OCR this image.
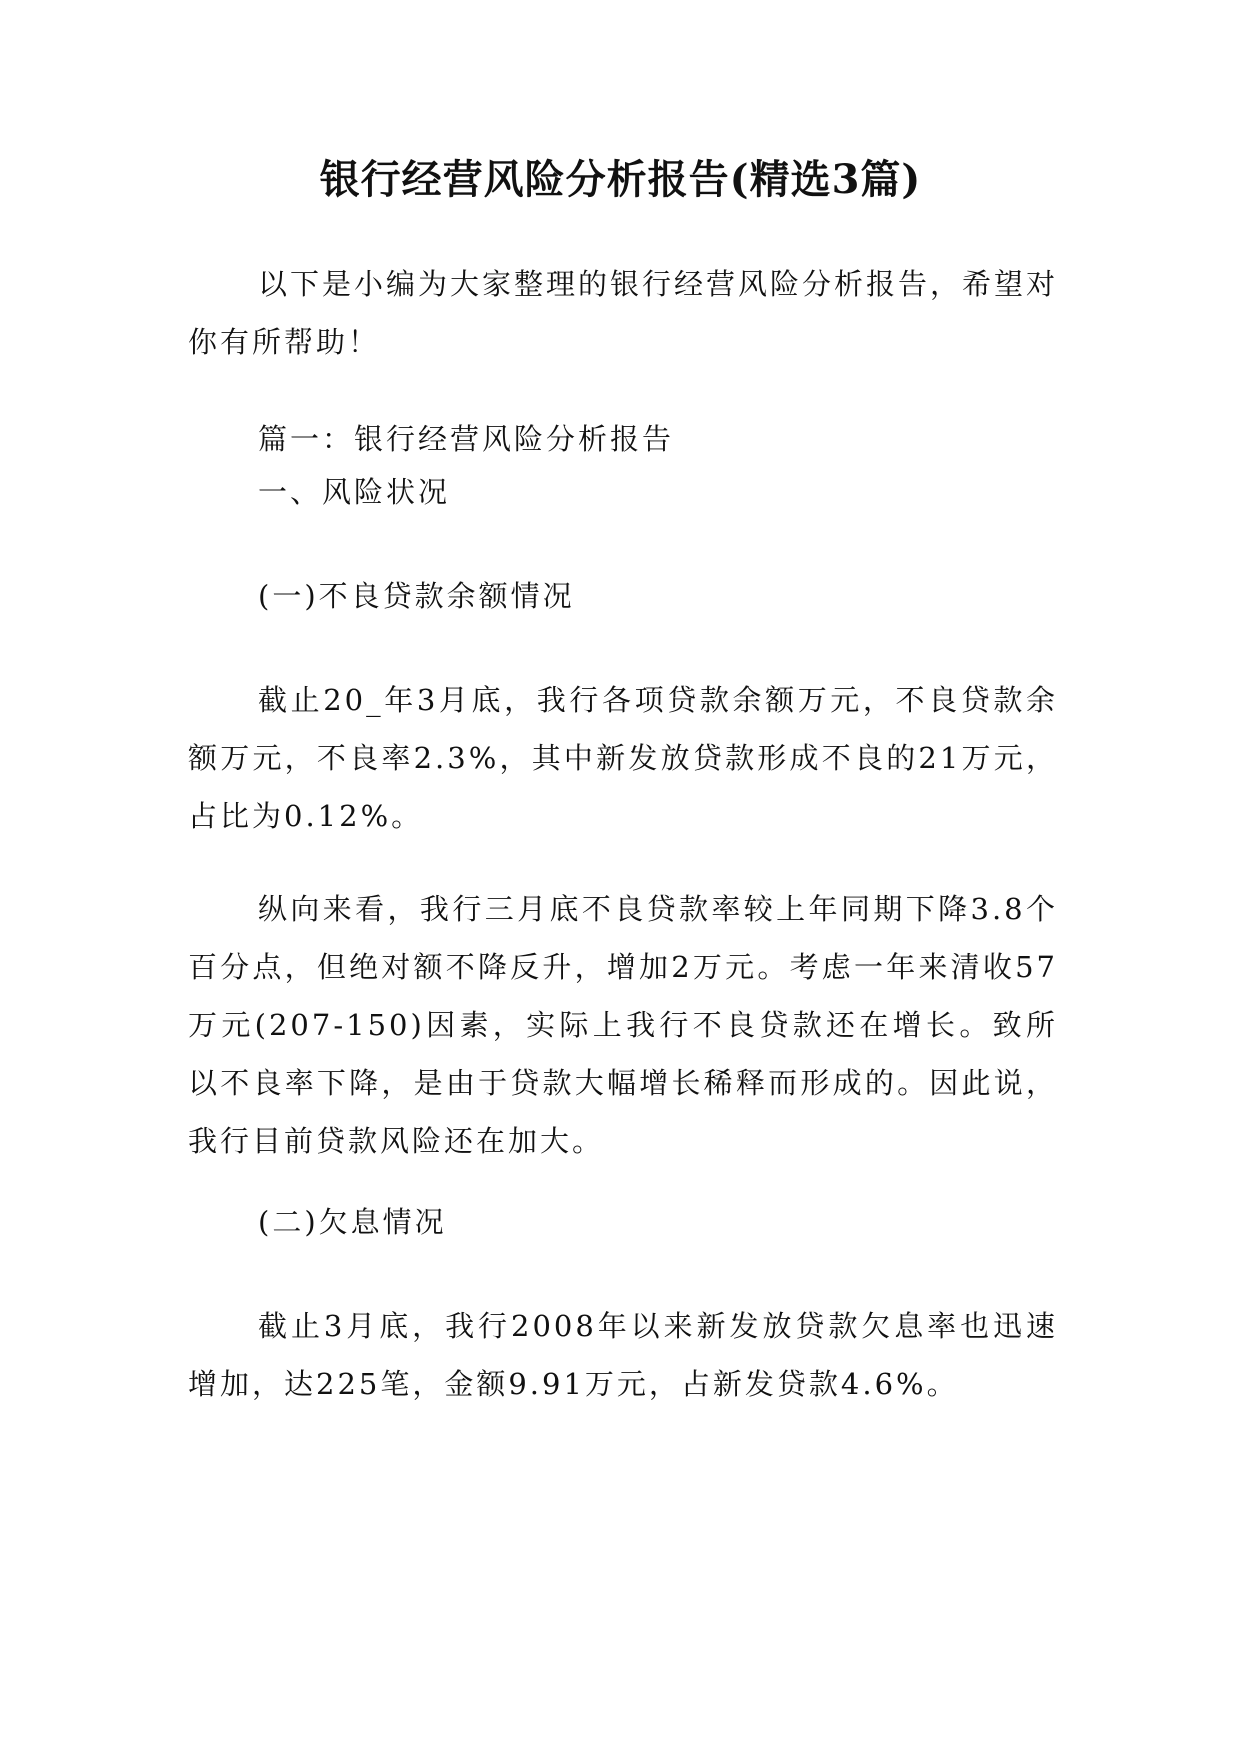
银行经营风险分析报告(精选3篇)

以下是小编为大家整理的银行经营风险分析报告，希望对你有所帮助！

篇一：银行经营风险分析报告

一、风险状况

(一)不良贷款余额情况

截止20_年3月底，我行各项贷款余额万元，不良贷款余额万元，不良率2.3%，其中新发放贷款形成不良的21万元，占比为0.12%。

纵向来看，我行三月底不良贷款率较上年同期下降3.8个百分点，但绝对额不降反升，增加2万元。考虑一年来清收57万元(207-150)因素，实际上我行不良贷款还在增长。致所以不良率下降，是由于贷款大幅增长稀释而形成的。因此说，我行目前贷款风险还在加大。

(二)欠息情况

截止3月底，我行2008年以来新发放贷款欠息率也迅速增加，达225笔，金额9.91万元，占新发贷款4.6%。
